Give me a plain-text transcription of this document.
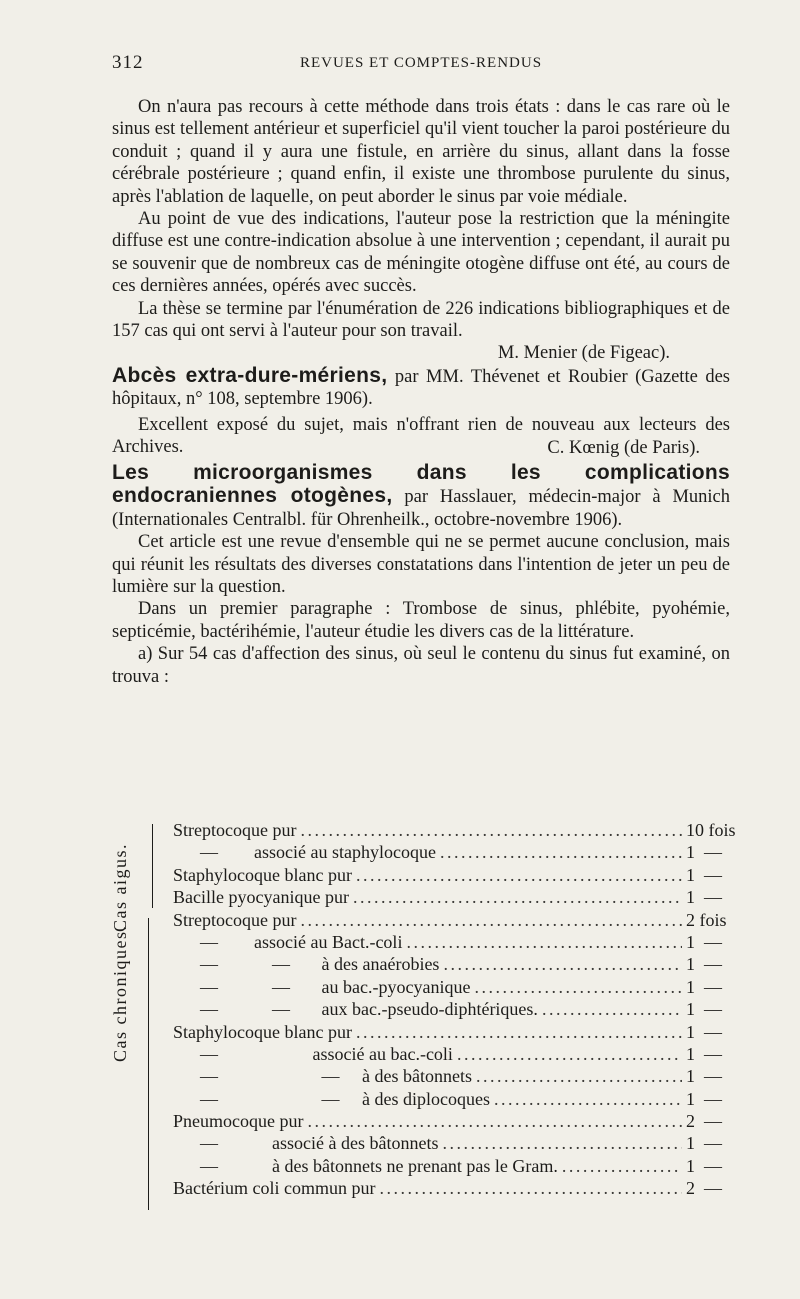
312	REVUES ET COMPTES-RENDUS

On n'aura pas recours à cette méthode dans trois états : dans le cas rare où le sinus est tellement antérieur et superficiel qu'il vient toucher la paroi postérieure du conduit ; quand il y aura une fistule, en arrière du sinus, allant dans la fosse cérébrale postérieure ; quand enfin, il existe une thrombose purulente du sinus, après l'ablation de laquelle, on peut aborder le sinus par voie médiale.

Au point de vue des indications, l'auteur pose la restriction que la méningite diffuse est une contre-indication absolue à une intervention ; cependant, il aurait pu se souvenir que de nombreux cas de méningite otogène diffuse ont été, au cours de ces dernières années, opérés avec succès.

La thèse se termine par l'énumération de 226 indications bibliographiques et de 157 cas qui ont servi à l'auteur pour son travail.

M. Menier (de Figeac).

Abcès extra-dure-mériens, par MM. Thévenet et Roubier (Gazette des hôpitaux, n° 108, septembre 1906).

Excellent exposé du sujet, mais n'offrant rien de nouveau aux lecteurs des Archives.	C. Kœnig (de Paris).

Les microorganismes dans les complications endocraniennes otogènes, par Hasslauer, médecin-major à Munich (Internationales Centralbl. für Ohrenheilk., octobre-novembre 1906).

Cet article est une revue d'ensemble qui ne se permet aucune conclusion, mais qui réunit les résultats des diverses constatations dans l'intention de jeter un peu de lumière sur la question.

Dans un premier paragraphe : Trombose de sinus, phlébite, pyohémie, septicémie, bactérihémie, l'auteur étudie les divers cas de la littérature.

a) Sur 54 cas d'affection des sinus, où seul le contenu du sinus fut examiné, on trouva :

Cas aigus.
Streptocoque pur . . .	10 fois
—        associé au staphylocoque . . .	1  —
Staphylocoque blanc pur . . .	1  —
Bacille pyocyanique pur . . .	1  —
Cas chroniques.
Streptocoque pur . . .	2 fois
—        associé au Bact.-coli . . .	1  —
—            —       à des anaérobies . . .	1  —
—            —       au bac.-pyocyanique . . .	1  —
—            —       aux bac.-pseudo-diphtériques. . . .	1  —
Staphylocoque blanc pur . . .	1  —
—                     associé au bac.-coli . . .	1  —
—                       —     à des bâtonnets . . .	1  —
—                       —     à des diplocoques . . .	1  —
Pneumocoque pur . . .	2  —
—            associé à des bâtonnets . . .	1  —
—            à des bâtonnets ne prenant pas le Gram. . . .	1  —
Bactérium coli commun pur . . .	2  —
